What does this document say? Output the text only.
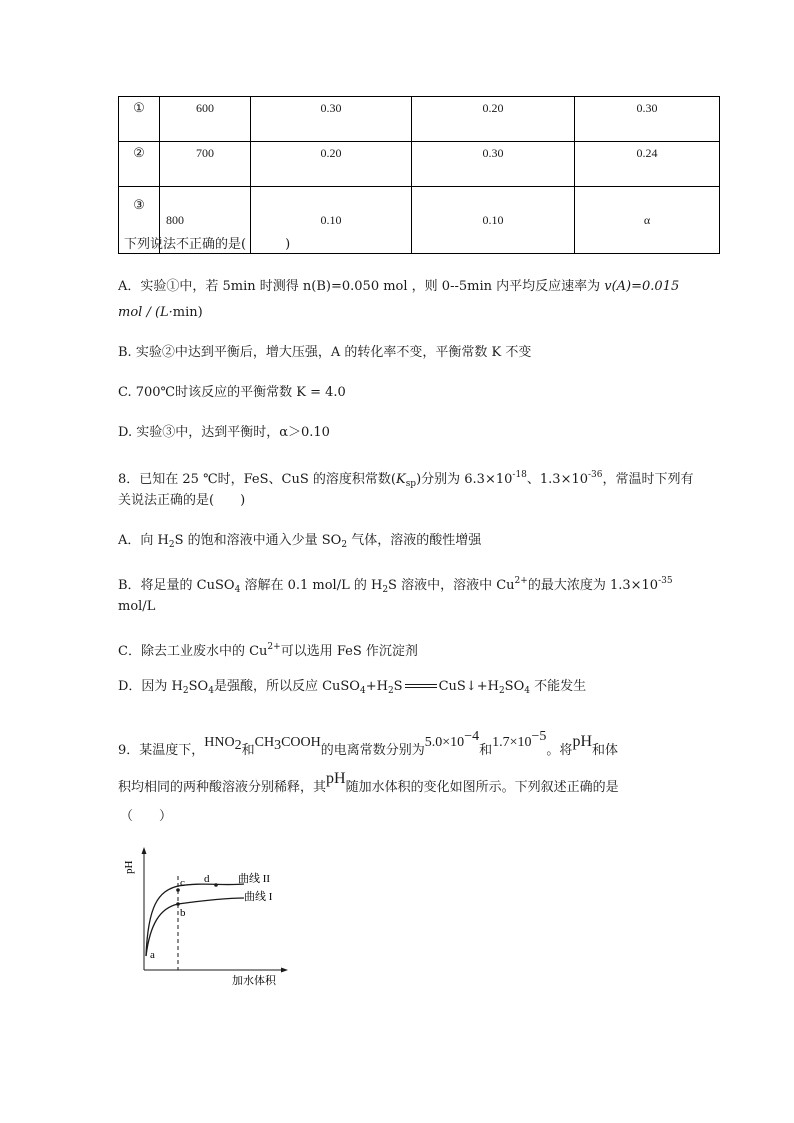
①	600	0.30	0.20	0.30
②	700	0.20	0.30	0.24
③	800	0.10	0.10	α
下列说法不正确的是(　　　)
A．实验①中，若 5min 时测得 n(B)=0.050 mol ，则 0--5min 内平均反应速率为 v(A)=0.015
mol / (L·min)
B. 实验②中达到平衡后，增大压强，A 的转化率不变，平衡常数 K 不变
C. 700℃时该反应的平衡常数 K = 4.0
D. 实验③中，达到平衡时，α＞0.10
8．已知在 25 ℃时，FeS、CuS 的溶度积常数$(K_{sp})$分别为 $6.3\times 10^{-18}$、$1.3\times 10^{-36}$，常温时下列有
关说法正确的是(　　)
A．向 $H_2S$ 的饱和溶液中通入少量 $SO_2$ 气体，溶液的酸性增强
B．将足量的 CuSO$_4$ 溶解在 0.1 mol/L 的 $H_2S$ 溶液中，溶液中 $Cu^{2+}$的最大浓度为 $1.3\times 10^{-35}$
mol/L
C．除去工业废水中的 $Cu^{2+}$可以选用 FeS 作沉淀剂
D．因为 $H_2SO_4$是强酸，所以反应 $CuSO_4+H_2S$	$CuS↓+H_2SO_4$ 不能发生
9．某温度下，HNO2和CH3COOH的电离常数分别为5.0×10−4和1.7×10−5。将pH和体
积均相同的两种酸溶液分别稀释，其pH随加水体积的变化如图所示。下列叙述正确的是
（　　）
pH
加水体积
曲线 II
曲线 I
c d
b
a
